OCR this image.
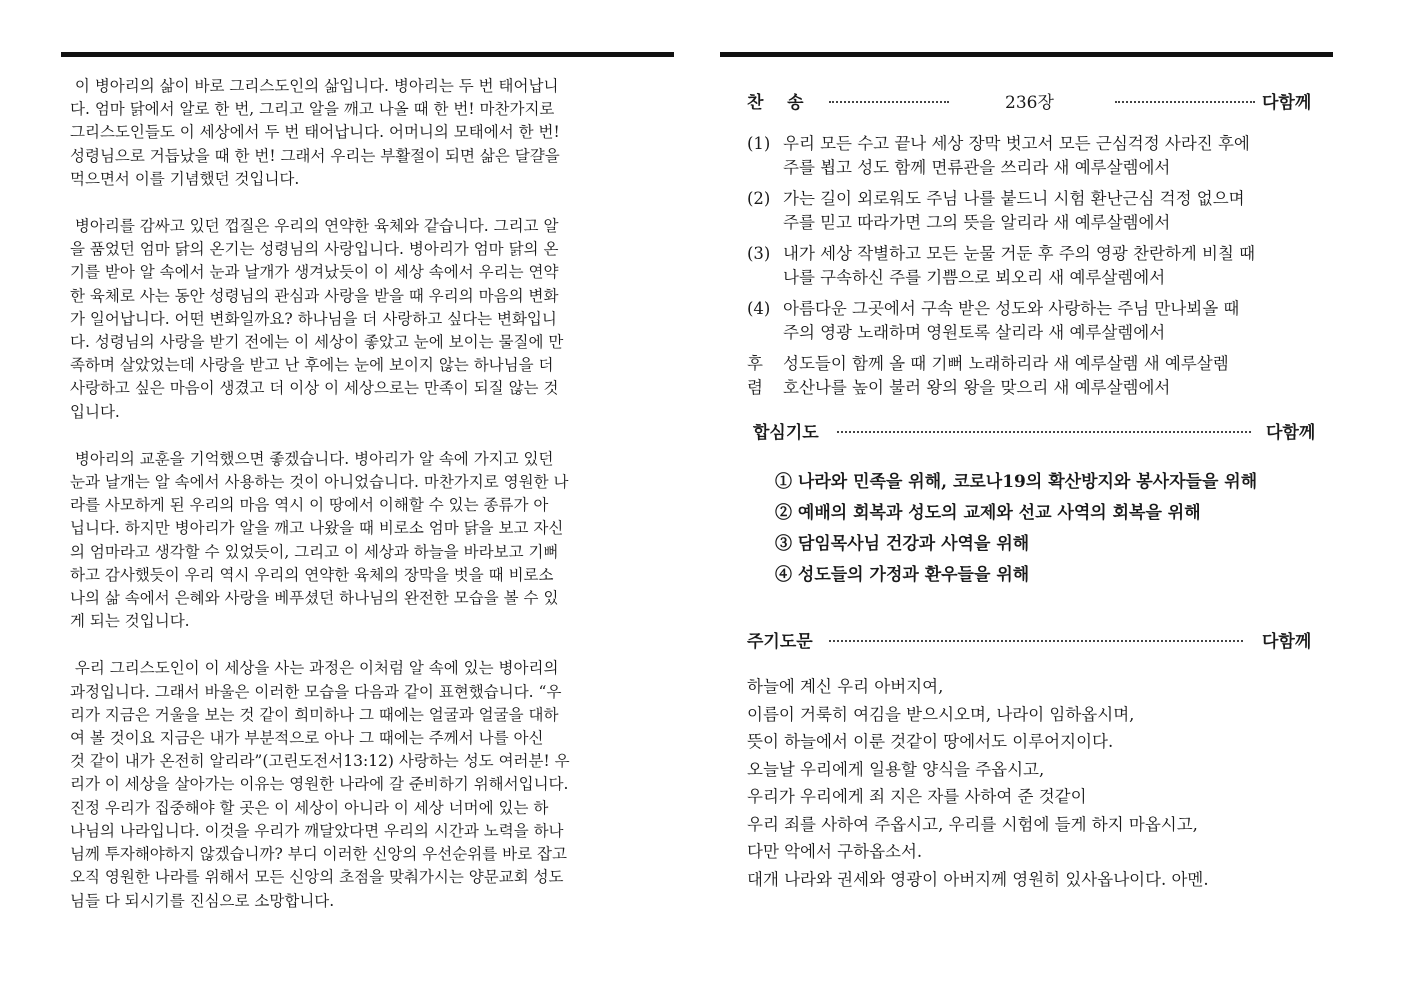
이 병아리의 삶이 바로 그리스도인의 삶입니다. 병아리는 두 번 태어납니
다. 엄마 닭에서 알로 한 번, 그리고 알을 깨고 나올 때 한 번! 마찬가지로
그리스도인들도 이 세상에서 두 번 태어납니다. 어머니의 모태에서 한 번!
성령님으로 거듭났을 때 한 번! 그래서 우리는 부활절이 되면 삶은 달걀을
먹으면서 이를 기념했던 것입니다.
병아리를 감싸고 있던 껍질은 우리의 연약한 육체와 같습니다. 그리고 알
을 품었던 엄마 닭의 온기는 성령님의 사랑입니다. 병아리가 엄마 닭의 온
기를 받아 알 속에서 눈과 날개가 생겨났듯이 이 세상 속에서 우리는 연약
한 육체로 사는 동안 성령님의 관심과 사랑을 받을 때 우리의 마음의 변화
가 일어납니다. 어떤 변화일까요? 하나님을 더 사랑하고 싶다는 변화입니
다. 성령님의 사랑을 받기 전에는 이 세상이 좋았고 눈에 보이는 물질에 만
족하며 살았었는데 사랑을 받고 난 후에는 눈에 보이지 않는 하나님을 더
사랑하고 싶은 마음이 생겼고 더 이상 이 세상으로는 만족이 되질 않는 것
입니다.
병아리의 교훈을 기억했으면 좋겠습니다. 병아리가 알 속에 가지고 있던
눈과 날개는 알 속에서 사용하는 것이 아니었습니다. 마찬가지로 영원한 나
라를 사모하게 된 우리의 마음 역시 이 땅에서 이해할 수 있는 종류가 아
닙니다. 하지만 병아리가 알을 깨고 나왔을 때 비로소 엄마 닭을 보고 자신
의 엄마라고 생각할 수 있었듯이, 그리고 이 세상과 하늘을 바라보고 기뻐
하고 감사했듯이 우리 역시 우리의 연약한 육체의 장막을 벗을 때 비로소
나의 삶 속에서 은혜와 사랑을 베푸셨던 하나님의 완전한 모습을 볼 수 있
게 되는 것입니다.
우리 그리스도인이 이 세상을 사는 과정은 이처럼 알 속에 있는 병아리의
과정입니다. 그래서 바울은 이러한 모습을 다음과 같이 표현했습니다. “우
리가 지금은 거울을 보는 것 같이 희미하나 그 때에는 얼굴과 얼굴을 대하
여 볼 것이요 지금은 내가 부분적으로 아나 그 때에는 주께서 나를 아신
것 같이 내가 온전히 알리라”(고린도전서13:12) 사랑하는 성도 여러분! 우
리가 이 세상을 살아가는 이유는 영원한 나라에 갈 준비하기 위해서입니다.
진정 우리가 집중해야 할 곳은 이 세상이 아니라 이 세상 너머에 있는 하
나님의 나라입니다. 이것을 우리가 깨달았다면 우리의 시간과 노력을 하나
님께 투자해야하지 않겠습니까? 부디 이러한 신앙의 우선순위를 바로 잡고
오직 영원한 나라를 위해서 모든 신앙의 초점을 맞춰가시는 양문교회 성도
님들 다 되시기를 진심으로 소망합니다.
찬    송	236장	다함께
(1) 우리 모든 수고 끝나 세상 장막 벗고서 모든 근심걱정 사라진 후에
주를 뵙고 성도 함께 면류관을 쓰리라 새 예루살렘에서
(2) 가는 길이 외로워도 주님 나를 붙드니 시험 환난근심 걱정 없으며
주를 믿고 따라가면 그의 뜻을 알리라 새 예루살렘에서
(3) 내가 세상 작별하고 모든 눈물 거둔 후 주의 영광 찬란하게 비칠 때
나를 구속하신 주를 기쁨으로 뵈오리 새 예루살렘에서
(4) 아름다운 그곳에서 구속 받은 성도와 사랑하는 주님 만나뵈올 때
주의 영광 노래하며 영원토록 살리라 새 예루살렘에서
후
렴
성도들이 함께 올 때 기뻐 노래하리라 새 예루살렘 새 예루살렘
호산나를 높이 불러 왕의 왕을 맞으리 새 예루살렘에서
합심기도	다함께
① 나라와 민족을 위해, 코로나19의 확산방지와 봉사자들을 위해
② 예배의 회복과 성도의 교제와 선교 사역의 회복을 위해
③ 담임목사님 건강과 사역을 위해
④ 성도들의 가정과 환우들을 위해
주기도문	다함께
하늘에 계신 우리 아버지여,
이름이 거룩히 여김을 받으시오며, 나라이 임하옵시며,
뜻이 하늘에서 이룬 것같이 땅에서도 이루어지이다.
오늘날 우리에게 일용할 양식을 주옵시고,
우리가 우리에게 죄 지은 자를 사하여 준 것같이
우리 죄를 사하여 주옵시고, 우리를 시험에 들게 하지 마옵시고,
다만 악에서 구하옵소서.
대개 나라와 권세와 영광이 아버지께 영원히 있사옵나이다. 아멘.
